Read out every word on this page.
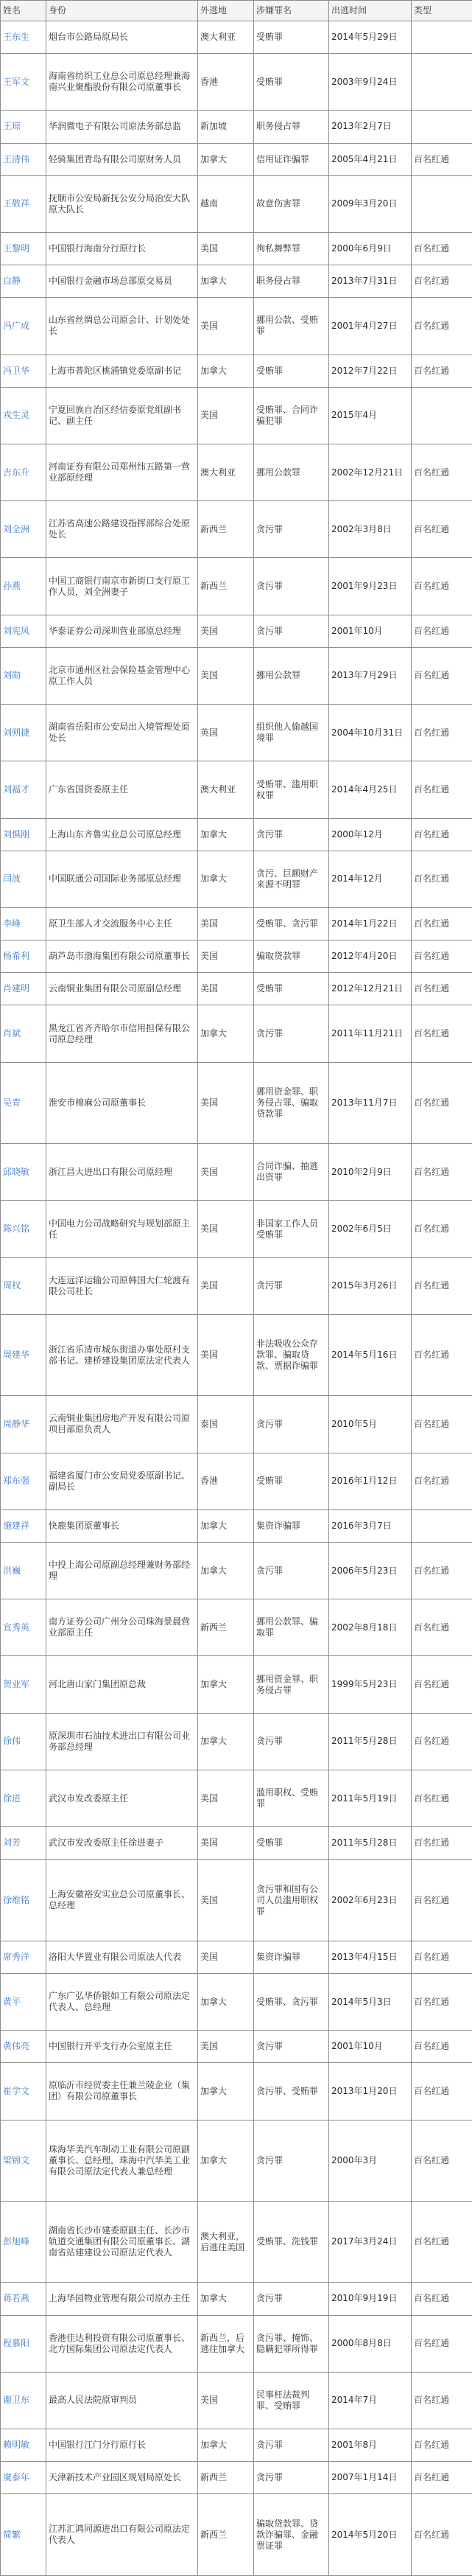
姓名	身份	外逃地	涉嫌罪名	出逃时间	类型
王东生	烟台市公路局原局长	澳大利亚	受贿罪	2014年5月29日	
王军文	海南省纺织工业总公司原总经理兼海南兴业聚酯股份有限公司原董事长	香港	受贿罪	2003年9月24日	
王琼	华润微电子有限公司原法务部总监	新加坡	职务侵占罪	2013年2月7日	
王清伟	轻骑集团青岛有限公司原财务人员	加拿大	信用证诈骗罪	2005年4月21日	百名红通
王敬祥	抚顺市公安局新抚公安分局治安大队原大队长	越南	故意伤害罪	2009年3月20日	
王黎明	中国银行海南分行原行长	美国	徇私舞弊罪	2000年6月9日	百名红通
白静	中国银行金融市场总部原交易员	加拿大	职务侵占罪	2013年7月31日	百名红通
冯广成	山东省丝绸总公司原会计、计划处处长	美国	挪用公款、受贿罪	2001年4月27日	百名红通
冯卫华	上海市普陀区桃浦镇党委原副书记	加拿大	受贿罪	2012年7月22日	百名红通
戎生灵	宁夏回族自治区经信委原党组副书记、副主任	美国	受贿罪、合同诈骗犯罪	2015年4月	
吉东升	河南证券有限公司郑州纬五路第一营业部原经理	澳大利亚	挪用公款罪	2002年12月21日	百名红通
刘全洲	江苏省高速公路建设指挥部综合处原处长	新西兰	贪污罪	2002年3月8日	百名红通
孙燕	中国工商银行南京市新街口支行原工作人员，刘全洲妻子	新西兰	贪污罪	2001年9月23日	百名红通
刘宪凤	华泰证券公司深圳营业部原总经理	美国	贪污罪	2001年10月	百名红通
刘勋	北京市通州区社会保险基金管理中心原工作人员	美国	挪用公款罪	2013年7月29日	百名红通
刘朔捷	湖南省岳阳市公安局出入境管理处原处长	英国	组织他人偷越国境罪	2004年10月31日	百名红通
刘福才	广东省国资委原主任	澳大利亚	受贿罪、滥用职权罪	2014年4月25日	百名红通
刘惧刚	上海山东齐鲁实业总公司原总经理	加拿大	贪污罪	2000年12月	百名红通
闫波	中国联通公司国际业务部原总经理	加拿大	贪污、巨额财产来源不明罪	2014年12月	百名红通
李峰	原卫生部人才交流服务中心主任	美国	受贿罪、贪污罪	2014年1月22日	百名红通
杨希利	葫芦岛市渤海集团有限公司原董事长	美国	骗取贷款罪	2012年4月20日	百名红通
肖建明	云南铜业集团有限公司原副总经理	美国	受贿罪	2012年12月21日	百名红通
肖斌	黑龙江省齐齐哈尔市信用担保有限公司原总经理	加拿大	贪污罪	2011年11月21日	百名红通
吴青	淮安市棉麻公司原董事长	美国	挪用资金罪、职务侵占罪、骗取贷款罪	2013年11月7日	百名红通
邱晓敏	浙江昌大进出口有限公司原经理	美国	合同诈骗、抽逃出资罪	2010年2月9日	百名红通
陈兴铭	中国电力公司战略研究与规划部原主任	美国	非国家工作人员受贿罪	2002年6月5日	百名红通
周权	大连远洋运输公司原韩国大仁轮渡有限公司社长	美国	贪污罪	2015年3月26日	百名红通
周建华	浙江省乐清市城东街道办事处原村支部书记、建桥建设集团原法定代表人	美国	非法吸收公众存款罪、骗取贷款、票据诈骗罪	2014年5月16日	百名红通
周静华	云南铜业集团房地产开发有限公司原项目部原负责人	泰国	贪污罪	2010年5月	百名红通
郑东强	福建省厦门市公安局党委原副书记、副局长	香港	受贿罪	2016年1月12日	百名红通
施建祥	快鹿集团原董事长	加拿大	集资诈骗罪	2016年3月7日	
洪巍	中投上海公司原副总经理兼财务部经理	加拿大	贪污罪	2006年5月23日	百名红通
宣秀英	南方证券公司广州分公司珠海景晨营业部原主任	新西兰	挪用公款罪、骗取罪	2002年8月18日	百名红通
贺业军	河北唐山家门集团原总裁	加拿大	挪用资金罪、职务侵占罪	1999年5月23日	百名红通
徐伟	原深圳市石油技术进出口有限公司业务部总经理	加拿大	贪污罪	2011年5月28日	百名红通
徐进	武汉市发改委原主任	美国	滥用职权、受贿罪	2011年5月19日	百名红通
刘芳	武汉市发改委原主任徐进妻子	美国	受贿罪	2011年5月28日	百名红通
徐维铭	上海安徽裕安实业总公司原董事长、总经理	美国	贪污罪和国有公司人员滥用职权罪	2002年6月23日	百名红通
席秀洋	洛阳大华置业有限公司原法人代表	美国	集资诈骗罪	2013年4月15日	百名红通
黄平	广东广弘华侨银如工有限公司原法定代表人、总经理	加拿大	受贿罪、贪污罪	2014年5月3日	百名红通
黄伟亮	中国银行开平支行办公室原主任	美国	贪污罪	2001年10月	百名红通
崔学文	原临沂市经贸委主任兼兰陵企业（集团）有限公司原董事长	加拿大	贪污罪、受贿罪	2013年1月20日	百名红通
梁锦文	珠海华美汽车制动工业有限公司原副董事长、总经理，珠海中汽华美工业有限公司原法定代表人兼总经理	加拿大	贪污罪	2000年3月	百名红通
彭旭峰	湖南省长沙市建委原副主任、长沙市轨道交通集团有限公司原董事长、湖南省站建建设公司原法定代表人	澳大利亚，后逃往美国	受贿罪、洗钱罪	2017年3月24日	百名红通
蒋若燕	上海华园物业管理有限公司原办主任	加拿大	贪污罪	2010年9月19日	百名红通
程慕阳	香港佳达利投资有限公司原董事长、北方国际集团公司原法定代表人	新西兰，后逃往加拿大	贪污罪、掩饰、隐瞒犯罪所得罪	2000年8月8日	百名红通
谢卫东	最高人民法院原审判员	美国	民事枉法裁判罪、受贿罪	2014年7月	百名红通
赖明敏	中国银行江门分行原行长	加拿大	贪污罪	2001年8月	百名红通
虞泰年	天津新技术产业园区规划局原处长	新西兰	贪污罪	2007年1月14日	百名红通
简繁	江苏汇鸿同源进出口有限公司原法定代表人	新西兰	骗取贷款罪、贷款诈骗罪、金融票证罪	2014年5月20日	百名红通
